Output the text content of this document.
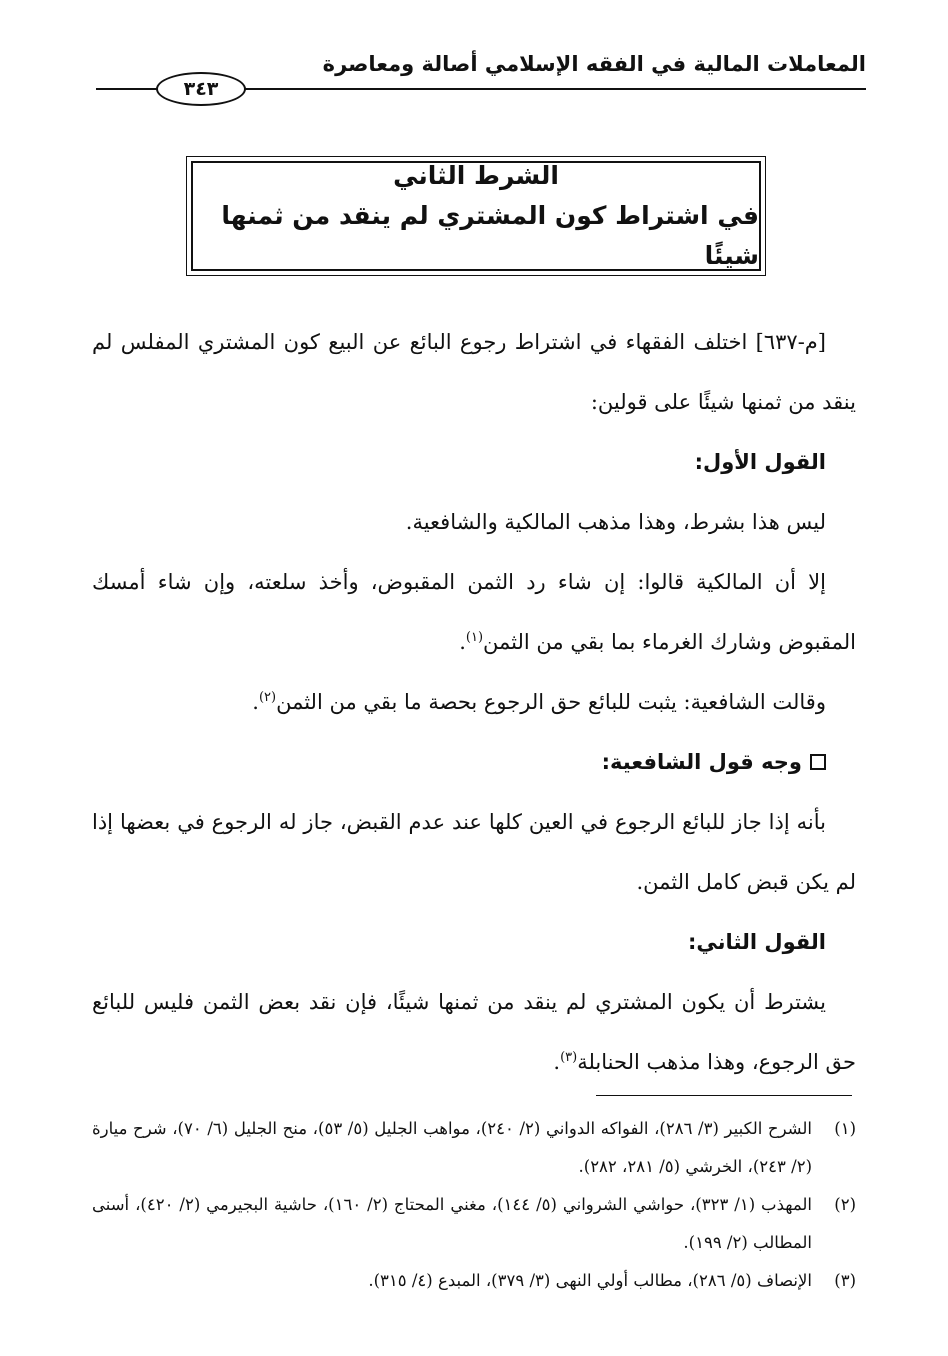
المعاملات المالية في الفقه الإسلامي أصالة ومعاصرة
٣٤٣
الشرط الثاني
في اشتراط كون المشتري لم ينقد من ثمنها شيئًا

[م-٦٣٧] اختلف الفقهاء في اشتراط رجوع البائع عن البيع كون المشتري المفلس لم ينقد من ثمنها شيئًا على قولين:

القول الأول:

ليس هذا بشرط، وهذا مذهب المالكية والشافعية.

إلا أن المالكية قالوا: إن شاء رد الثمن المقبوض، وأخذ سلعته، وإن شاء أمسك المقبوض وشارك الغرماء بما بقي من الثمن$^{(١)}$.

وقالت الشافعية: يثبت للبائع حق الرجوع بحصة ما بقي من الثمن$^{(٢)}$.

وجه قول الشافعية:

بأنه إذا جاز للبائع الرجوع في العين كلها عند عدم القبض، جاز له الرجوع في بعضها إذا لم يكن قبض كامل الثمن.

القول الثاني:

يشترط أن يكون المشتري لم ينقد من ثمنها شيئًا، فإن نقد بعض الثمن فليس للبائع حق الرجوع، وهذا مذهب الحنابلة$^{(٣)}$.

(١)
الشرح الكبير (٣/ ٢٨٦)، الفواكه الدواني (٢/ ٢٤٠)، مواهب الجليل (٥/ ٥٣)، منح الجليل (٦/ ٧٠)، شرح ميارة (٢/ ٢٤٣)، الخرشي (٥/ ٢٨١، ٢٨٢).
(٢)
المهذب (١/ ٣٢٣)، حواشي الشرواني (٥/ ١٤٤)، مغني المحتاج (٢/ ١٦٠)، حاشية البجيرمي (٢/ ٤٢٠)، أسنى المطالب (٢/ ١٩٩).
(٣)
الإنصاف (٥/ ٢٨٦)، مطالب أولي النهى (٣/ ٣٧٩)، المبدع (٤/ ٣١٥).
